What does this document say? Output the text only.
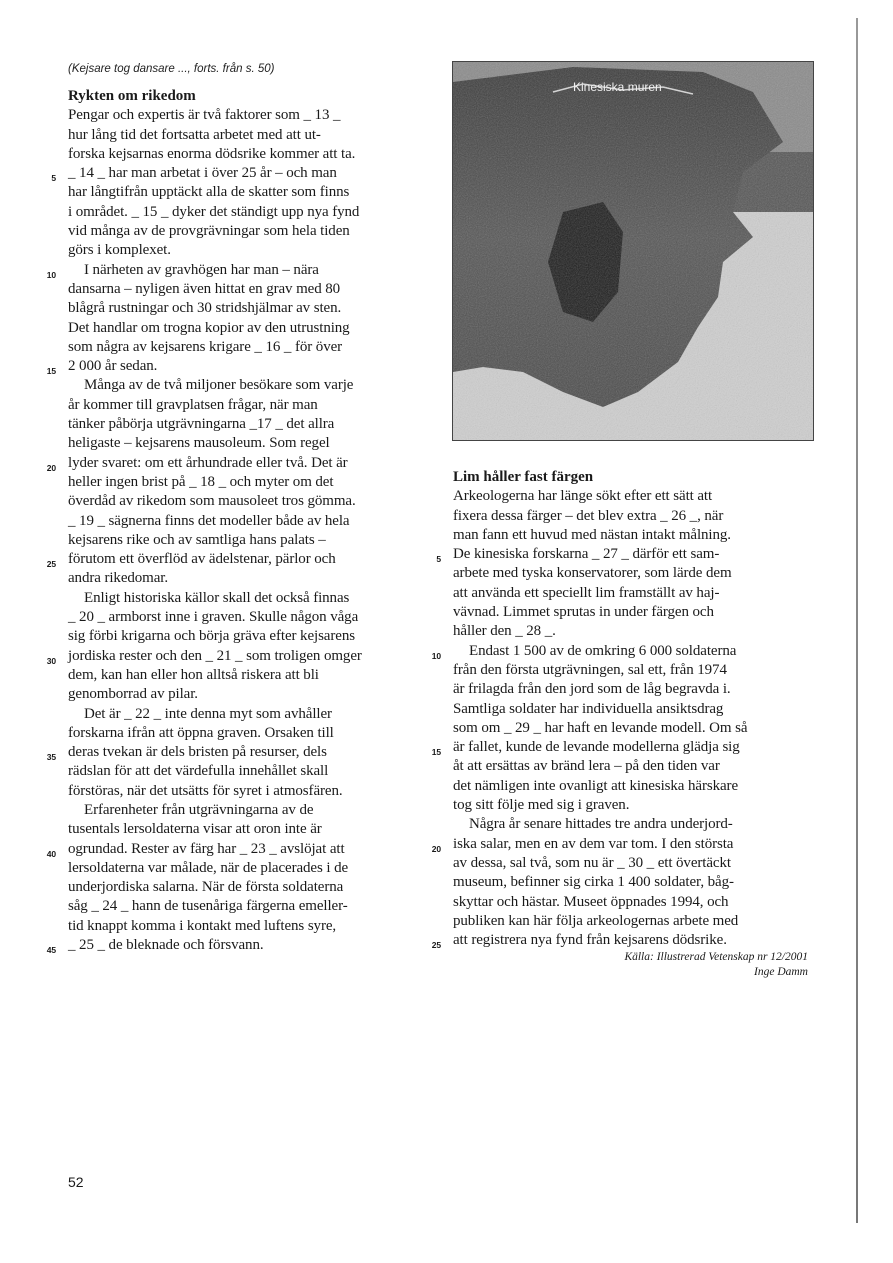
(Kejsare tog dansare ..., forts. från s. 50)

Rykten om rikedom

Pengar och expertis är två faktorer som _ 13 _
hur lång tid det fortsatta arbetet med att ut-
forska kejsarnas enorma dödsrike kommer att ta.
5 _ 14 _ har man arbetat i över 25 år – och man
har långtifrån upptäckt alla de skatter som finns
i området. _ 15 _ dyker det ständigt upp nya fynd
vid många av de provgrävningar som hela tiden
görs i komplexet.
10 I närheten av gravhögen har man – nära
dansarna – nyligen även hittat en grav med 80
blågrå rustningar och 30 stridshjälmar av sten.
Det handlar om trogna kopior av den utrustning
som några av kejsarens krigare _ 16 _ för över
15 2 000 år sedan.
Många av de två miljoner besökare som varje
år kommer till gravplatsen frågar, när man
tänker påbörja utgrävningarna _17 _ det allra
heligaste – kejsarens mausoleum. Som regel
20 lyder svaret: om ett århundrade eller två. Det är
heller ingen brist på _ 18 _ och myter om det
överdåd av rikedom som mausoleet tros gömma.
_ 19 _ sägnerna finns det modeller både av hela
kejsarens rike och av samtliga hans palats –
25 förutom ett överflöd av ädelstenar, pärlor och
andra rikedomar.
Enligt historiska källor skall det också finnas
_ 20 _ armborst inne i graven. Skulle någon våga
sig förbi krigarna och börja gräva efter kejsarens
30 jordiska rester och den _ 21 _ som troligen omger
dem, kan han eller hon alltså riskera att bli
genomborrad av pilar.
Det är _ 22 _ inte denna myt som avhåller
forskarna ifrån att öppna graven. Orsaken till
35 deras tvekan är dels bristen på resurser, dels
rädslan för att det värdefulla innehållet skall
förstöras, när det utsätts för syret i atmosfären.
Erfarenheter från utgrävningarna av de
tusentals lersoldaterna visar att oron inte är
40 ogrundad. Rester av färg har _ 23 _ avslöjat att
lersoldaterna var målade, när de placerades i de
underjordiska salarna. När de första soldaterna
såg _ 24 _ hann de tusenåriga färgerna emeller-
tid knappt komma i kontakt med luftens syre,
45 _ 25 _ de bleknade och försvann.
Kinesiska muren

Lim håller fast färgen

Arkeologerna har länge sökt efter ett sätt att
fixera dessa färger – det blev extra _ 26 _, när
man fann ett huvud med nästan intakt målning.
5 De kinesiska forskarna _ 27 _ därför ett sam-
arbete med tyska konservatorer, som lärde dem
att använda ett speciellt lim framställt av haj-
vävnad. Limmet sprutas in under färgen och
håller den _ 28 _.
10 Endast 1 500 av de omkring 6 000 soldaterna
från den första utgrävningen, sal ett, från 1974
är frilagda från den jord som de låg begravda i.
Samtliga soldater har individuella ansiktsdrag
som om _ 29 _ har haft en levande modell. Om så
15 är fallet, kunde de levande modellerna glädja sig
åt att ersättas av bränd lera – på den tiden var
det nämligen inte ovanligt att kinesiska härskare
tog sitt följe med sig i graven.
Några år senare hittades tre andra underjord-
20 iska salar, men en av dem var tom. I den största
av dessa, sal två, som nu är _ 30 _ ett övertäckt
museum, befinner sig cirka 1 400 soldater, båg-
skyttar och hästar. Museet öppnades 1994, och
publiken kan här följa arkeologernas arbete med
25 att registrera nya fynd från kejsarens dödsrike.
Källa: Illustrerad Vetenskap nr 12/2001
Inge Damm
52
